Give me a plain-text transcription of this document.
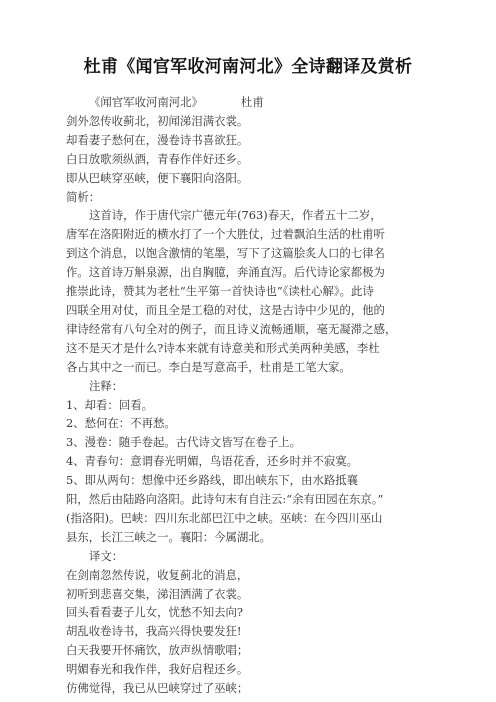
杜甫《闻官军收河南河北》全诗翻译及赏析
《闻官军收河南河北》	杜甫
剑外忽传收蓟北，初闻涕泪满衣裳。
却看妻子愁何在，漫卷诗书喜欲狂。
白日放歌须纵酒，青春作伴好还乡。
即从巴峡穿巫峡，便下襄阳向洛阳。
简析：
这首诗，作于唐代宗广德元年(763)春天，作者五十二岁，
唐军在洛阳附近的横水打了一个大胜仗，过着飘泊生活的杜甫听
到这个消息，以饱含激情的笔墨，写下了这篇脍炙人口的七律名
作。这首诗万斛泉源，出自胸臆，奔涌直泻。后代诗论家都极为
推崇此诗，赞其为老杜“生平第一首快诗也”《读杜心解》。此诗
四联全用对仗，而且全是工稳的对仗，这是古诗中少见的，他的
律诗经常有八句全对的例子，而且诗义流畅通顺，毫无凝滞之感，
这不是天才是什么?诗本来就有诗意美和形式美两种美感，李杜
各占其中之一而已。李白是写意高手，杜甫是工笔大家。
注释：
1、却看：回看。
2、愁何在：不再愁。
3、漫卷：随手卷起。古代诗文皆写在卷子上。
4、青春句：意谓春光明媚，鸟语花香，还乡时并不寂寞。
5、即从两句：想像中还乡路线，即出峡东下，由水路抵襄
阳，然后由陆路向洛阳。此诗句末有自注云:“余有田园在东京。”
(指洛阳)。巴峡：四川东北部巴江中之峡。巫峡：在今四川巫山
县东，长江三峡之一。襄阳：今属湖北。
译文：
在剑南忽然传说，收复蓟北的消息，
初听到悲喜交集，涕泪洒满了衣裳。
回头看看妻子儿女，忧愁不知去向?
胡乱收卷诗书，我高兴得快要发狂!
白天我要开怀痛饮，放声纵情歌唱；
明媚春光和我作伴，我好启程还乡。
仿佛觉得，我已从巴峡穿过了巫峡；
